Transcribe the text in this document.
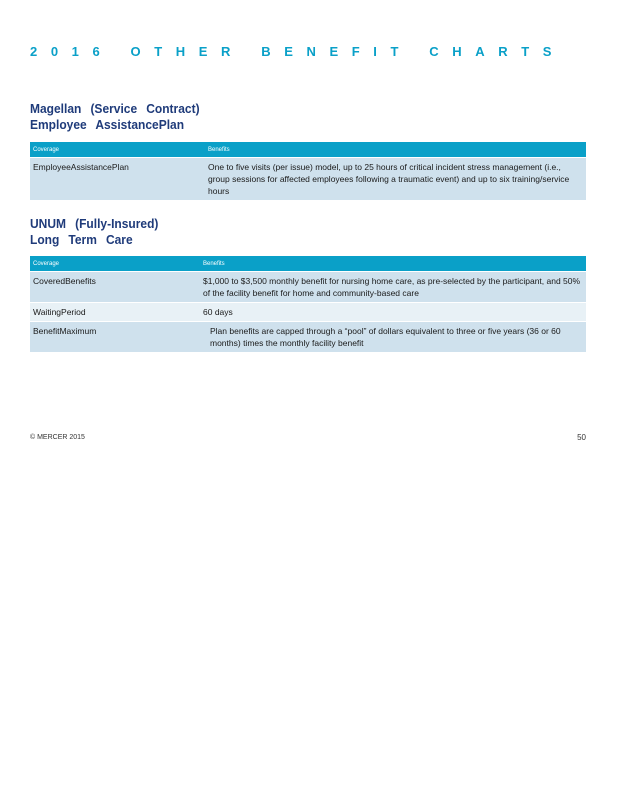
2016 OTHER BENEFIT CHARTS
Magellan (Service Contract)
Employee AssistancePlan
Coverage	Benefits
EmployeeAssistancePlan	One to five visits (per issue) model, up to 25 hours of critical incident stress management (i.e., group sessions for affected employees following a traumatic event) and up to six training/service hours
UNUM (Fully-Insured)
Long Term Care
Coverage	Benefits
CoveredBenefits	$1,000 to $3,500 monthly benefit for nursing home care, as pre-selected by the participant, and 50% of the facility benefit for home and community-based care
WaitingPeriod	60 days
BenefitMaximum	Plan benefits are capped through a “pool” of dollars equivalent to three or five years (36 or 60 months) times the monthly facility benefit
© MERCER 2015	50
